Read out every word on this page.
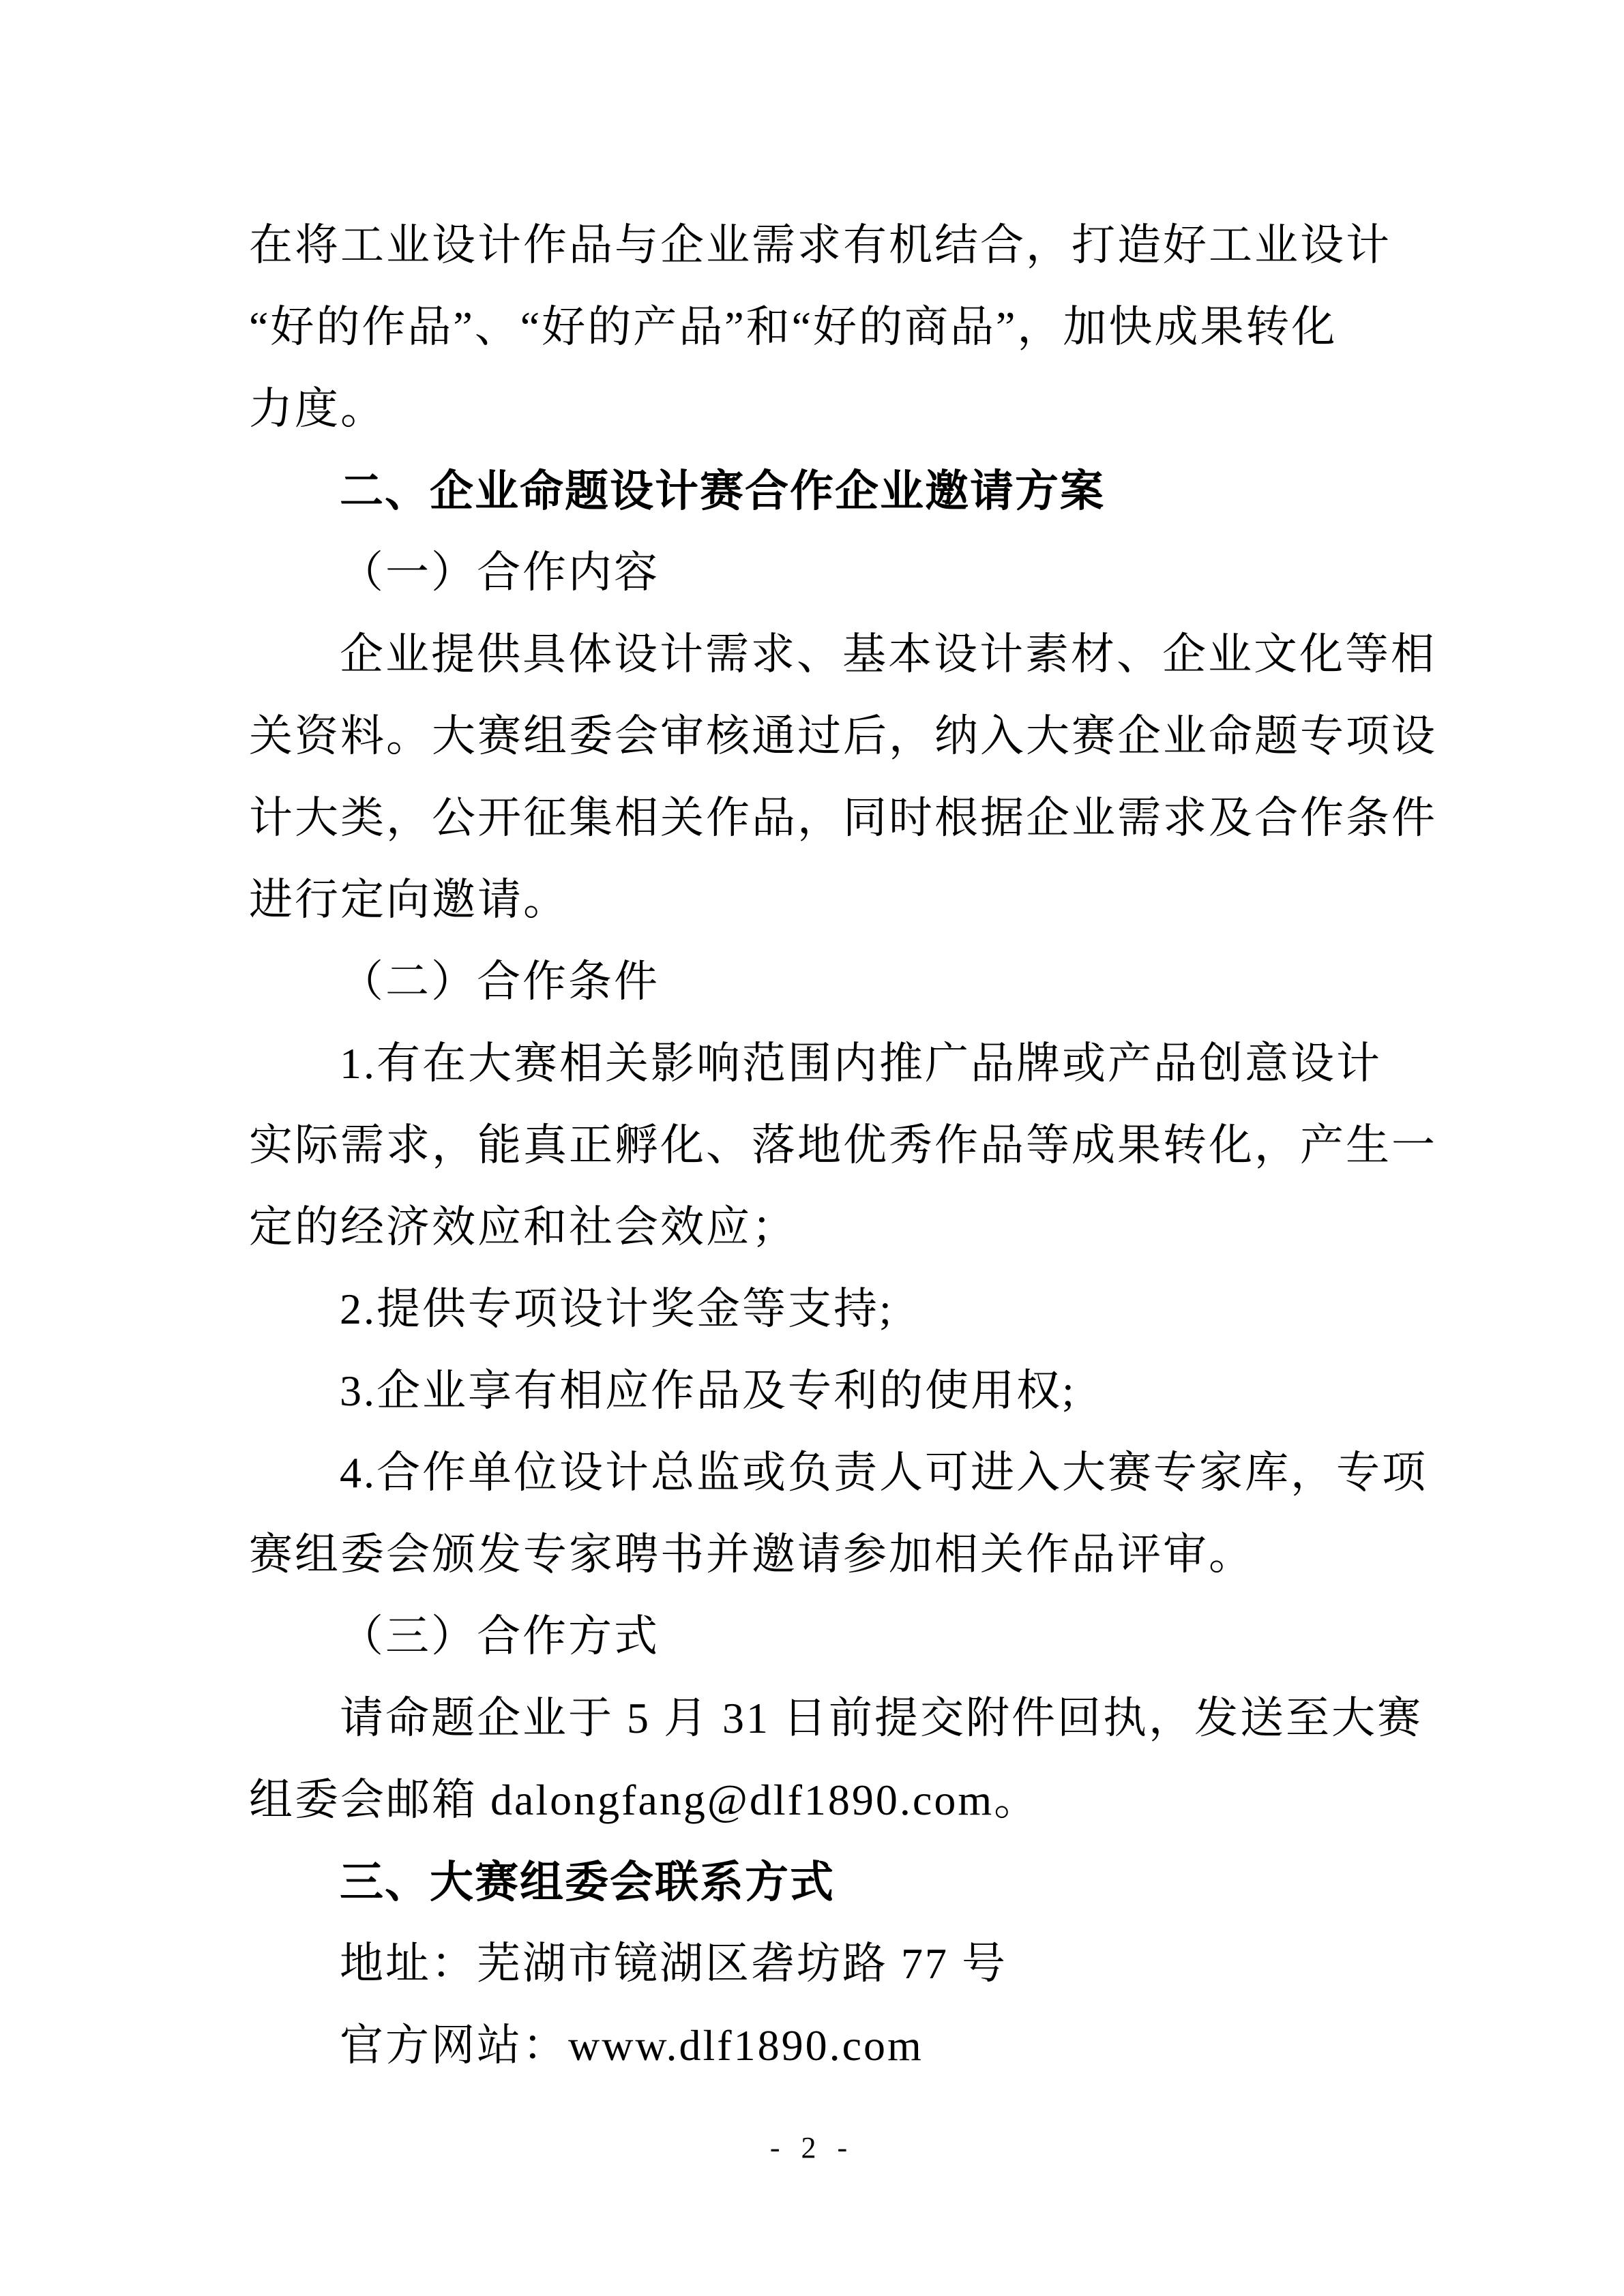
在将工业设计作品与企业需求有机结合，打造好工业设计
“好的作品”、“好的产品”和“好的商品”，加快成果转化
力度。
二、企业命题设计赛合作企业邀请方案
（一）合作内容
企业提供具体设计需求、基本设计素材、企业文化等相
关资料。大赛组委会审核通过后，纳入大赛企业命题专项设
计大类，公开征集相关作品，同时根据企业需求及合作条件
进行定向邀请。
（二）合作条件
1.有在大赛相关影响范围内推广品牌或产品创意设计
实际需求，能真正孵化、落地优秀作品等成果转化，产生一
定的经济效应和社会效应；
2.提供专项设计奖金等支持;
3.企业享有相应作品及专利的使用权;
4.合作单位设计总监或负责人可进入大赛专家库，专项
赛组委会颁发专家聘书并邀请参加相关作品评审。
（三）合作方式
请命题企业于 5 月 31 日前提交附件回执，发送至大赛
组委会邮箱 dalongfang@dlf1890.com。
三、大赛组委会联系方式
地址：芜湖市镜湖区砻坊路 77 号
官方网站：www.dlf1890.com
- 2 -
